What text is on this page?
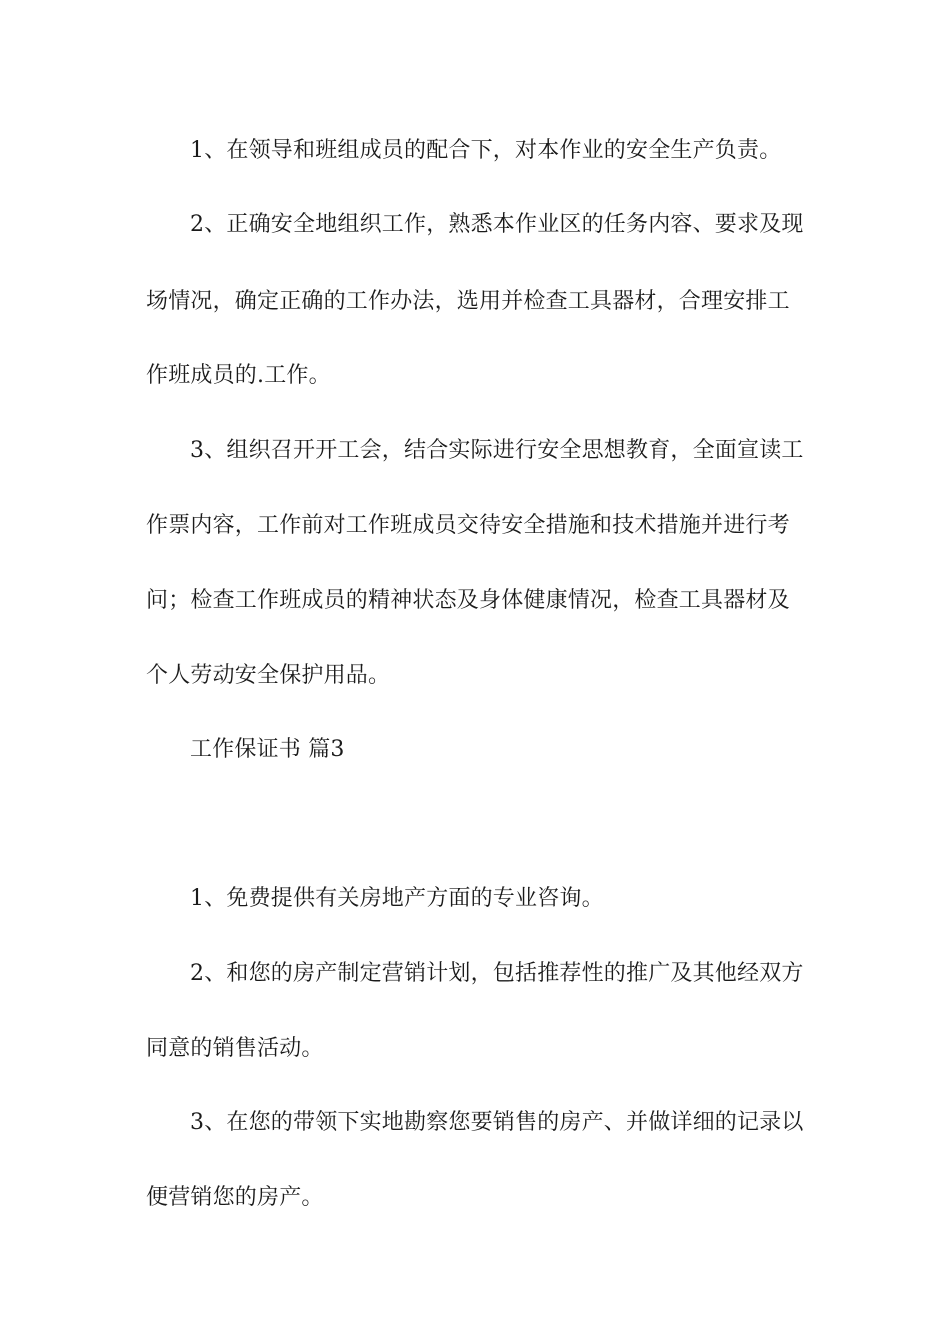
1、在领导和班组成员的配合下，对本作业的安全生产负责。
2、正确安全地组织工作，熟悉本作业区的任务内容、要求及现
场情况，确定正确的工作办法，选用并检查工具器材，合理安排工
作班成员的.工作。
3、组织召开开工会，结合实际进行安全思想教育，全面宣读工
作票内容，工作前对工作班成员交待安全措施和技术措施并进行考
问；检查工作班成员的精神状态及身体健康情况，检查工具器材及
个人劳动安全保护用品。
工作保证书 篇3
1、免费提供有关房地产方面的专业咨询。
2、和您的房产制定营销计划，包括推荐性的推广及其他经双方
同意的销售活动。
3、在您的带领下实地勘察您要销售的房产、并做详细的记录以
便营销您的房产。
